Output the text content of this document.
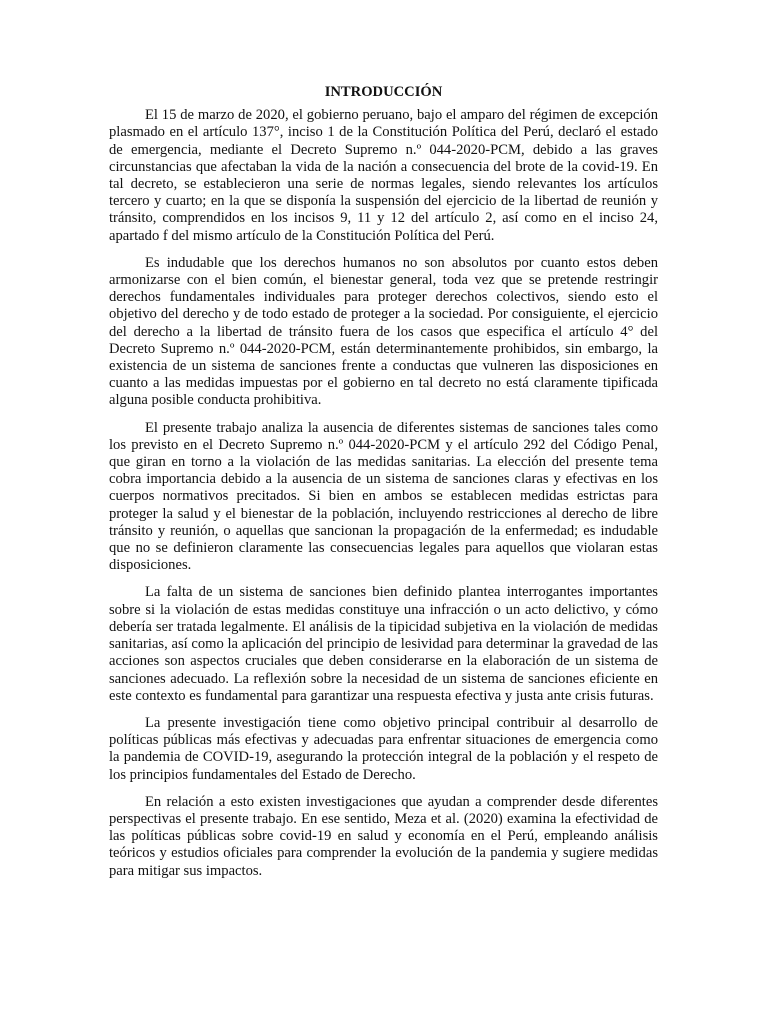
INTRODUCCIÓN

El 15 de marzo de 2020, el gobierno peruano, bajo el amparo del régimen de excepción plasmado en el artículo 137°, inciso 1 de la Constitución Política del Perú, declaró el estado de emergencia, mediante el Decreto Supremo n.º 044-2020-PCM, debido a las graves circunstancias que afectaban la vida de la nación a consecuencia del brote de la covid-19. En tal decreto, se establecieron una serie de normas legales, siendo relevantes los artículos tercero y cuarto; en la que se disponía la suspensión del ejercicio de la libertad de reunión y tránsito, comprendidos en los incisos 9, 11 y 12 del artículo 2, así como en el inciso 24, apartado f del mismo artículo de la Constitución Política del Perú.

Es indudable que los derechos humanos no son absolutos por cuanto estos deben armonizarse con el bien común, el bienestar general, toda vez que se pretende restringir derechos fundamentales individuales para proteger derechos colectivos, siendo esto el objetivo del derecho y de todo estado de proteger a la sociedad. Por consiguiente, el ejercicio del derecho a la libertad de tránsito fuera de los casos que especifica el artículo 4° del Decreto Supremo n.º 044-2020-PCM, están determinantemente prohibidos, sin embargo, la existencia de un sistema de sanciones frente a conductas que vulneren las disposiciones en cuanto a las medidas impuestas por el gobierno en tal decreto no está claramente tipificada alguna posible conducta prohibitiva.

El presente trabajo analiza la ausencia de diferentes sistemas de sanciones tales como los previsto en el Decreto Supremo n.º 044-2020-PCM y el artículo 292 del Código Penal, que giran en torno a la violación de las medidas sanitarias. La elección del presente tema cobra importancia debido a la ausencia de un sistema de sanciones claras y efectivas en los cuerpos normativos precitados. Si bien en ambos se establecen medidas estrictas para proteger la salud y el bienestar de la población, incluyendo restricciones al derecho de libre tránsito y reunión, o aquellas que sancionan la propagación de la enfermedad; es indudable que no se definieron claramente las consecuencias legales para aquellos que violaran estas disposiciones.

La falta de un sistema de sanciones bien definido plantea interrogantes importantes sobre si la violación de estas medidas constituye una infracción o un acto delictivo, y cómo debería ser tratada legalmente. El análisis de la tipicidad subjetiva en la violación de medidas sanitarias, así como la aplicación del principio de lesividad para determinar la gravedad de las acciones son aspectos cruciales que deben considerarse en la elaboración de un sistema de sanciones adecuado. La reflexión sobre la necesidad de un sistema de sanciones eficiente en este contexto es fundamental para garantizar una respuesta efectiva y justa ante crisis futuras.

La presente investigación tiene como objetivo principal contribuir al desarrollo de políticas públicas más efectivas y adecuadas para enfrentar situaciones de emergencia como la pandemia de COVID-19, asegurando la protección integral de la población y el respeto de los principios fundamentales del Estado de Derecho.

En relación a esto existen investigaciones que ayudan a comprender desde diferentes perspectivas el presente trabajo. En ese sentido, Meza et al. (2020) examina la efectividad de las políticas públicas sobre covid-19 en salud y economía en el Perú, empleando análisis teóricos y estudios oficiales para comprender la evolución de la pandemia y sugiere medidas para mitigar sus impactos.
